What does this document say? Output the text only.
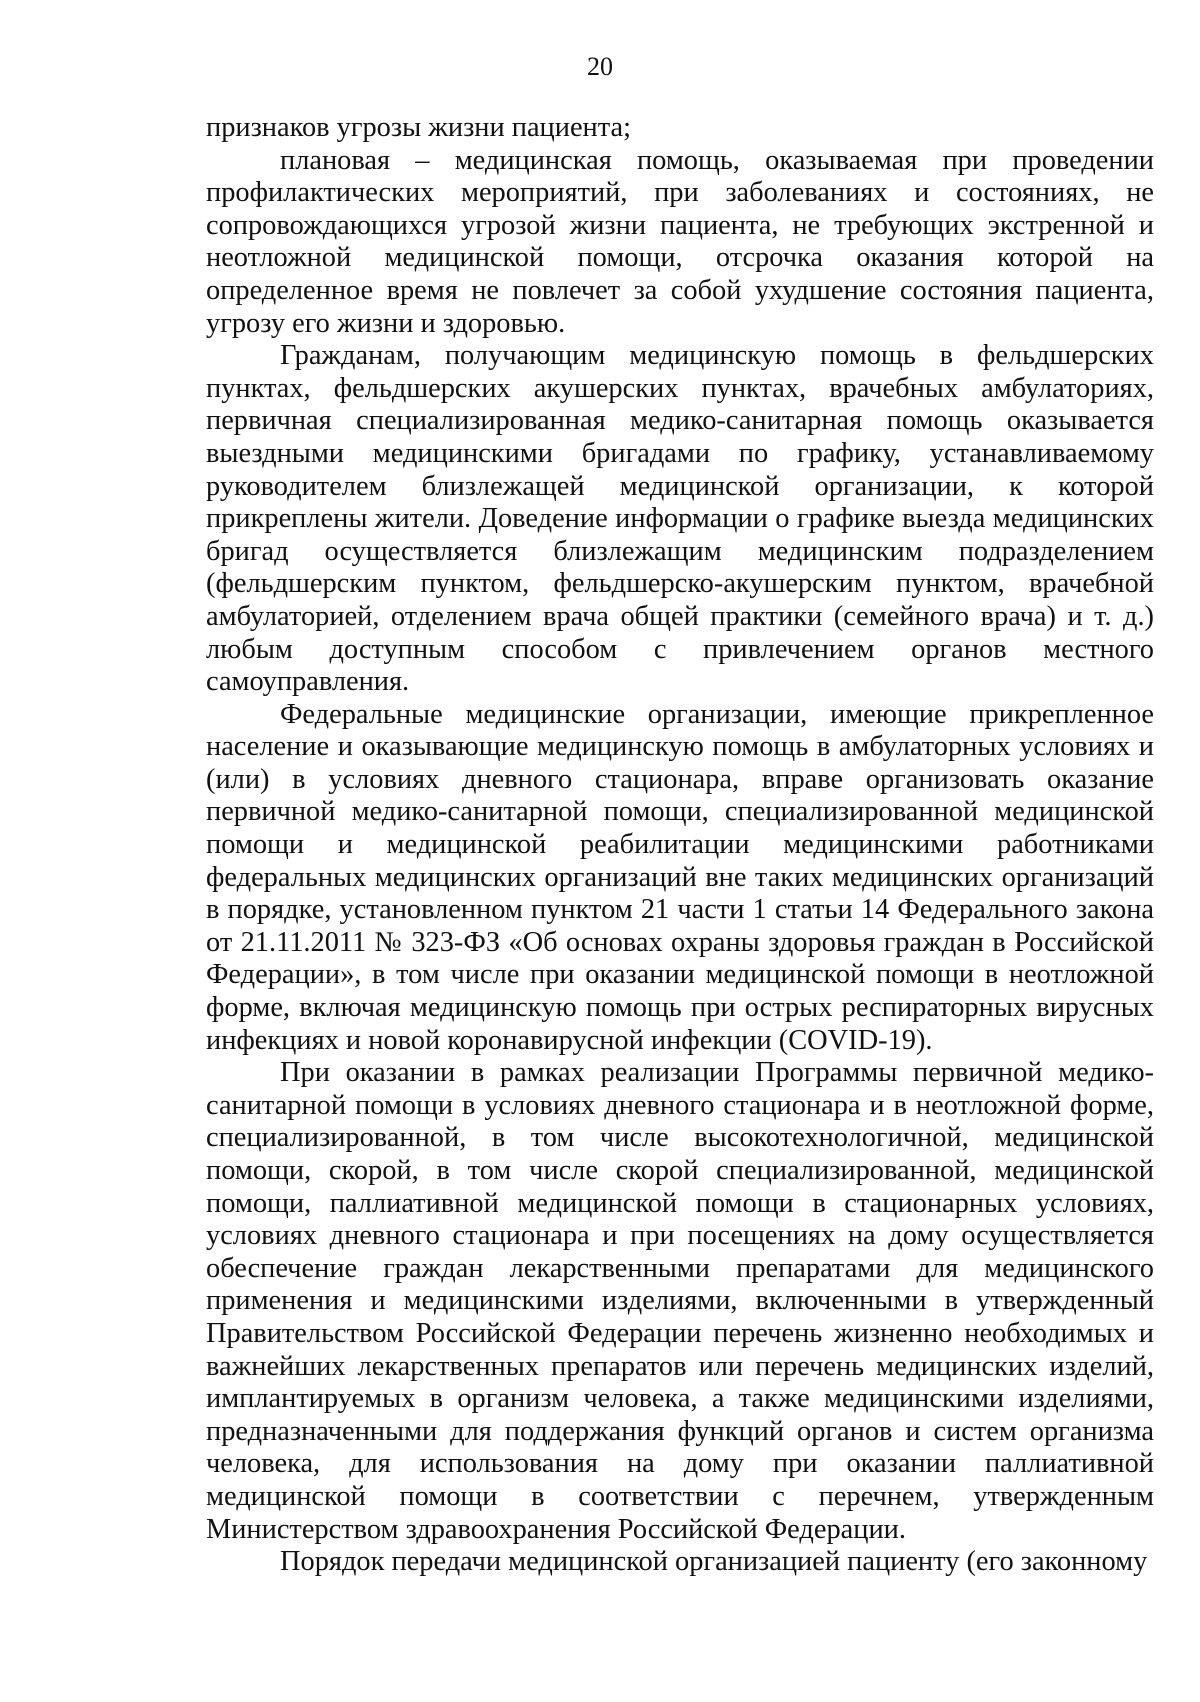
20

признаков угрозы жизни пациента;

плановая – медицинская помощь, оказываемая при проведении профилактических мероприятий, при заболеваниях и состояниях, не сопровождающихся угрозой жизни пациента, не требующих экстренной и неотложной медицинской помощи, отсрочка оказания которой на определенное время не повлечет за собой ухудшение состояния пациента, угрозу его жизни и здоровью.

Гражданам, получающим медицинскую помощь в фельдшерских пунктах, фельдшерских акушерских пунктах, врачебных амбулаториях, первичная специализированная медико-санитарная помощь оказывается выездными медицинскими бригадами по графику, устанавливаемому руководителем близлежащей медицинской организации, к которой прикреплены жители. Доведение информации о графике выезда медицинских бригад осуществляется близлежащим медицинским подразделением (фельдшерским пунктом, фельдшерско-акушерским пунктом, врачебной амбулаторией, отделением врача общей практики (семейного врача) и т. д.) любым доступным способом с привлечением органов местного самоуправления.

Федеральные медицинские организации, имеющие прикрепленное население и оказывающие медицинскую помощь в амбулаторных условиях и (или) в условиях дневного стационара, вправе организовать оказание первичной медико-санитарной помощи, специализированной медицинской помощи и медицинской реабилитации медицинскими работниками федеральных медицинских организаций вне таких медицинских организаций в порядке, установленном пунктом 21 части 1 статьи 14 Федерального закона от 21.11.2011 № 323-ФЗ «Об основах охраны здоровья граждан в Российской Федерации», в том числе при оказании медицинской помощи в неотложной форме, включая медицинскую помощь при острых респираторных вирусных инфекциях и новой коронавирусной инфекции (COVID-19).

При оказании в рамках реализации Программы первичной медико-санитарной помощи в условиях дневного стационара и в неотложной форме, специализированной, в том числе высокотехнологичной, медицинской помощи, скорой, в том числе скорой специализированной, медицинской помощи, паллиативной медицинской помощи в стационарных условиях, условиях дневного стационара и при посещениях на дому осуществляется обеспечение граждан лекарственными препаратами для медицинского применения и медицинскими изделиями, включенными в утвержденный Правительством Российской Федерации перечень жизненно необходимых и важнейших лекарственных препаратов или перечень медицинских изделий, имплантируемых в организм человека, а также медицинскими изделиями, предназначенными для поддержания функций органов и систем организма человека, для использования на дому при оказании паллиативной медицинской помощи в соответствии с перечнем, утвержденным Министерством здравоохранения Российской Федерации.

Порядок передачи медицинской организацией пациенту (его законному
